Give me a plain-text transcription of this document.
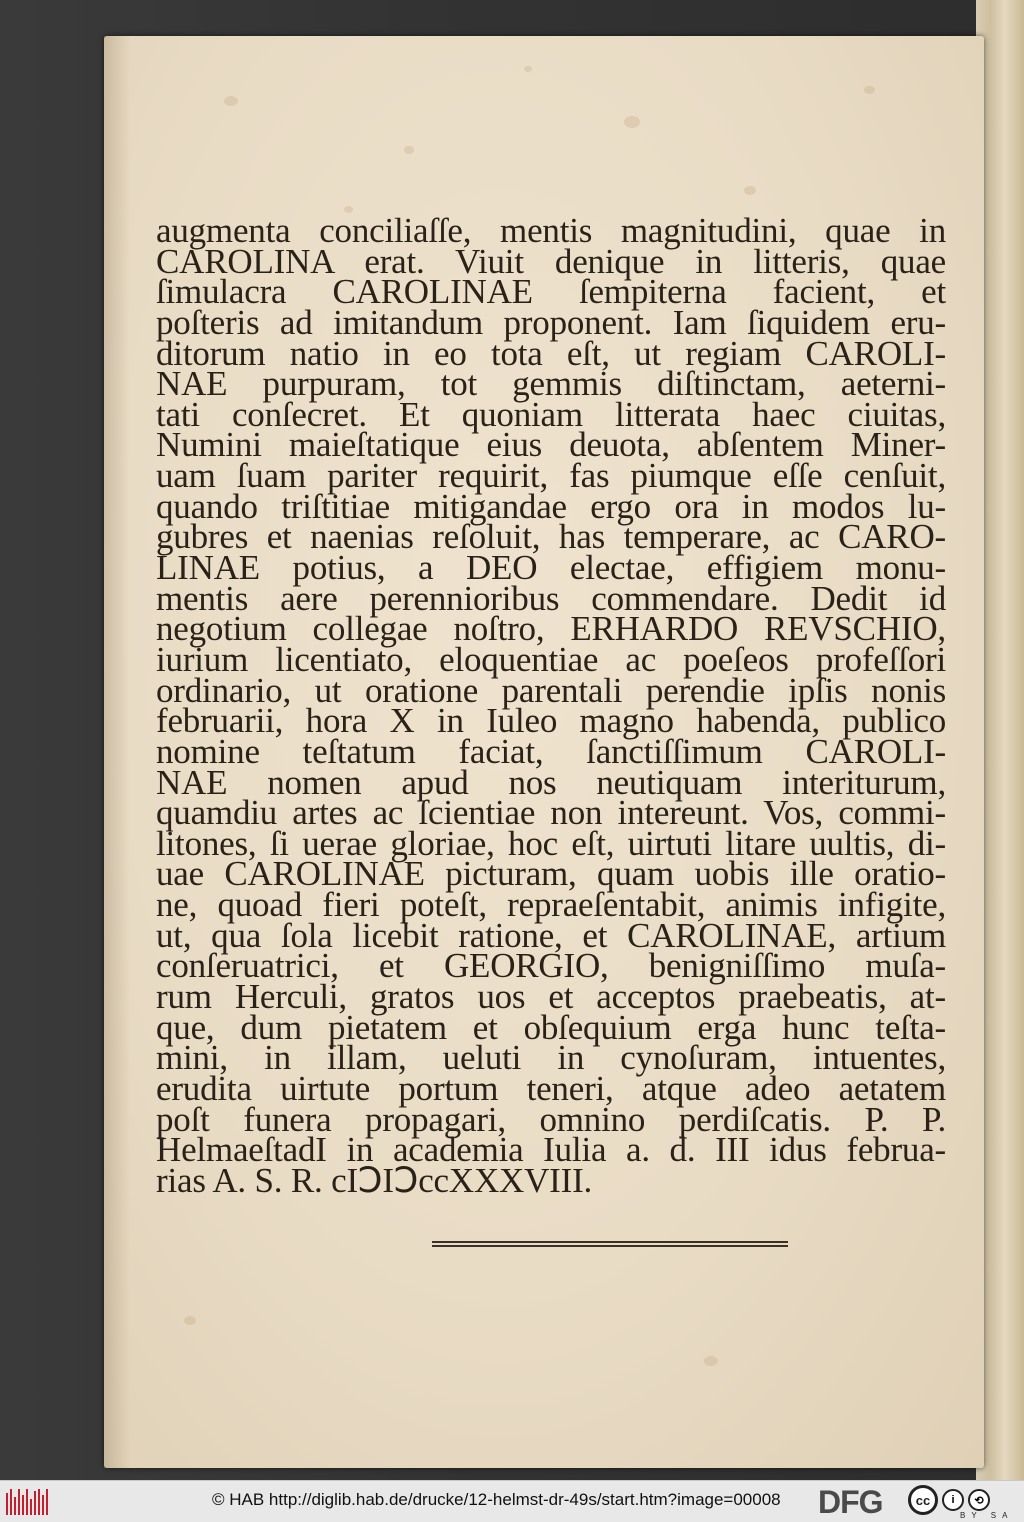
augmenta conciliaſſe, mentis magnitudini, quae in
CAROLINA erat. Viuit denique in litteris, quae
ſimulacra CAROLINAE ſempiterna facient, et
poſteris ad imitandum proponent. Iam ſiquidem eru-
ditorum natio in eo tota eſt, ut regiam CAROLI-
NAE purpuram, tot gemmis diſtinctam, aeterni-
tati conſecret. Et quoniam litterata haec ciuitas,
Numini maieſtatique eius deuota, abſentem Miner-
uam ſuam pariter requirit, fas piumque eſſe cenſuit,
quando triſtitiae mitigandae ergo ora in modos lu-
gubres et naenias reſoluit, has temperare, ac CARO-
LINAE potius, a DEO electae, effigiem monu-
mentis aere perennioribus commendare. Dedit id
negotium collegae noſtro, ERHARDO REVSCHIO,
iurium licentiato, eloquentiae ac poeſeos profeſſori
ordinario, ut oratione parentali perendie ipſis nonis
februarii, hora X in Iuleo magno habenda, publico
nomine teſtatum faciat, ſanctiſſimum CAROLI-
NAE nomen apud nos neutiquam interiturum,
quamdiu artes ac ſcientiae non intereunt. Vos, commi-
litones, ſi uerae gloriae, hoc eſt, uirtuti litare uultis, di-
uae CAROLINAE picturam, quam uobis ille oratio-
ne, quoad fieri poteſt, repraeſentabit, animis infigite,
ut, qua ſola licebit ratione, et CAROLINAE, artium
conſeruatrici, et GEORGIO, benigniſſimo muſa-
rum Herculi, gratos uos et acceptos praebeatis, at-
que, dum pietatem et obſequium erga hunc teſta-
mini, in illam, ueluti in cynoſuram, intuentes,
erudita uirtute portum teneri, atque adeo aetatem
poſt funera propagari, omnino perdiſcatis. P. P.
HelmaeſtadI in academia Iulia a. d. III idus februa-
rias A. S. R. cIↃIↃccXXXVIII.
© HAB http://diglib.hab.de/drucke/12-helmst-dr-49s/start.htm?image=00008 DFG	cc	i	⟲
BY SA
